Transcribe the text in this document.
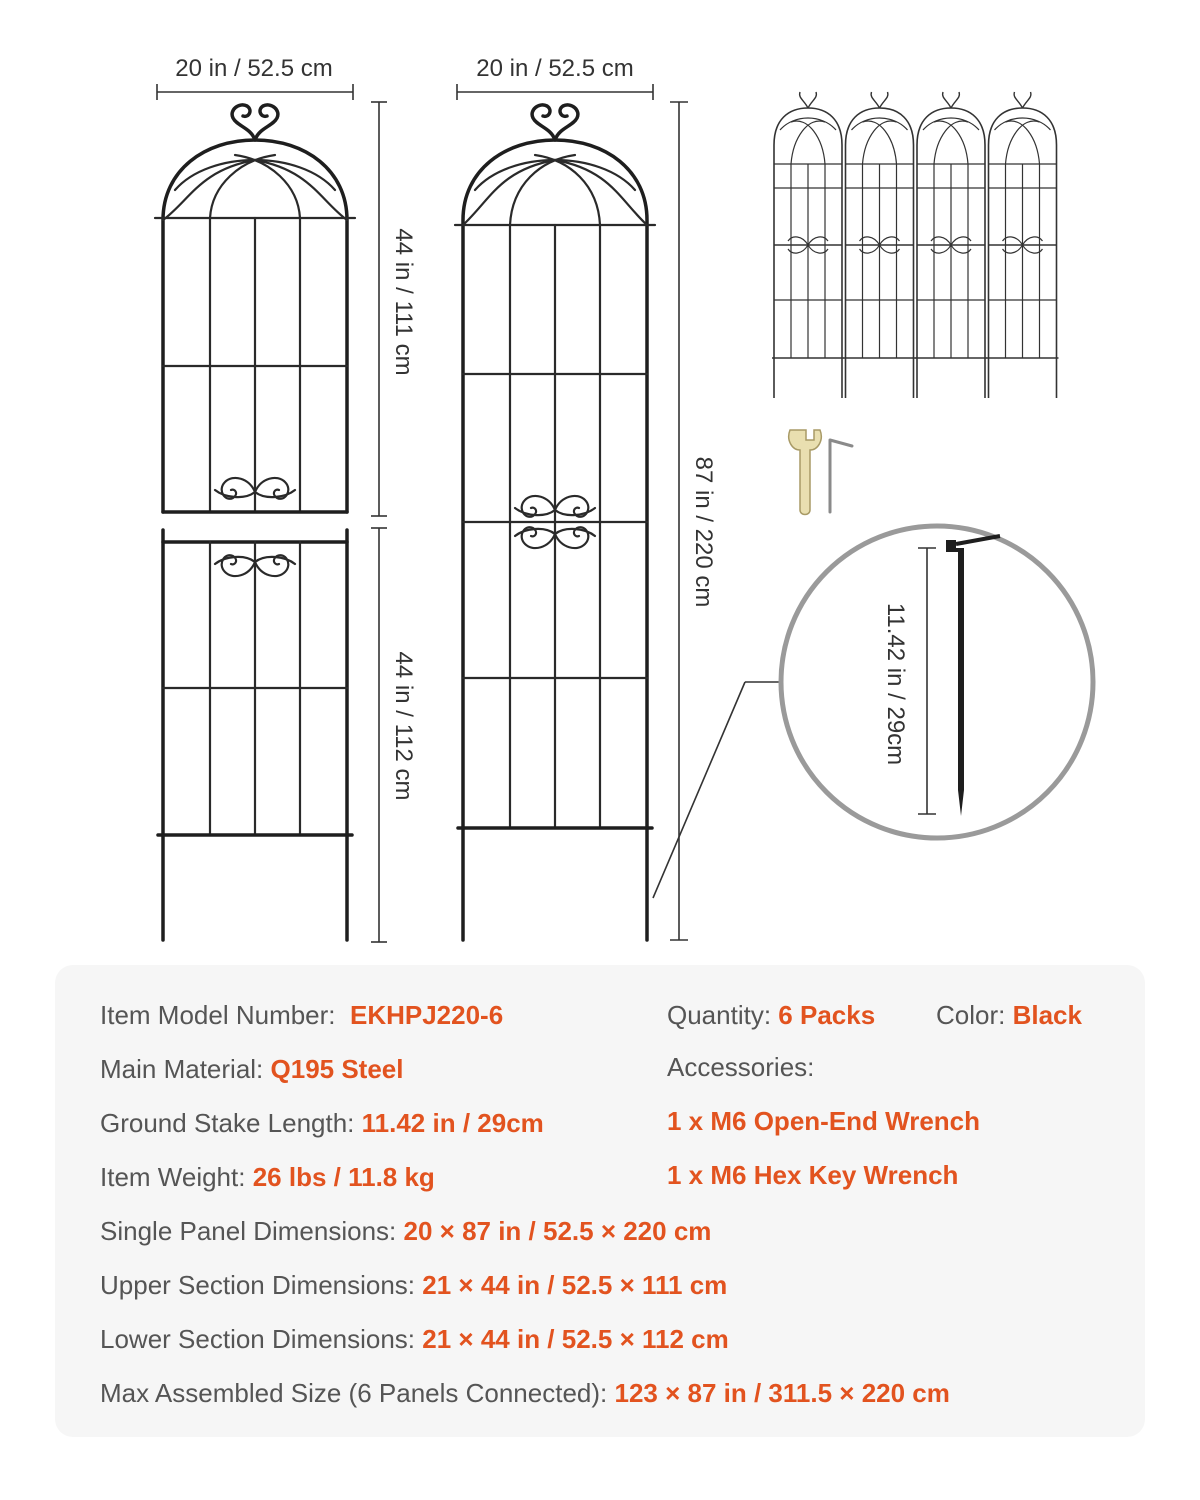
20 in / 52.5 cm
44 in / 111 cm
44 in / 112 cm
20 in / 52.5 cm
87 in / 220 cm
11.42 in / 29cm
Item Model Number: EKHPJ220-6	Quantity: 6 Packs Color: Black
Main Material: Q195 Steel	Accessories:
Ground Stake Length: 11.42 in / 29cm	1 x M6 Open-End Wrench
Item Weight: 26 lbs / 11.8 kg	1 x M6 Hex Key Wrench
Single Panel Dimensions: 20 × 87 in / 52.5 × 220 cm
Upper Section Dimensions: 21 × 44 in / 52.5 × 111 cm
Lower Section Dimensions: 21 × 44 in / 52.5 × 112 cm
Max Assembled Size (6 Panels Connected): 123 × 87 in / 311.5 × 220 cm
